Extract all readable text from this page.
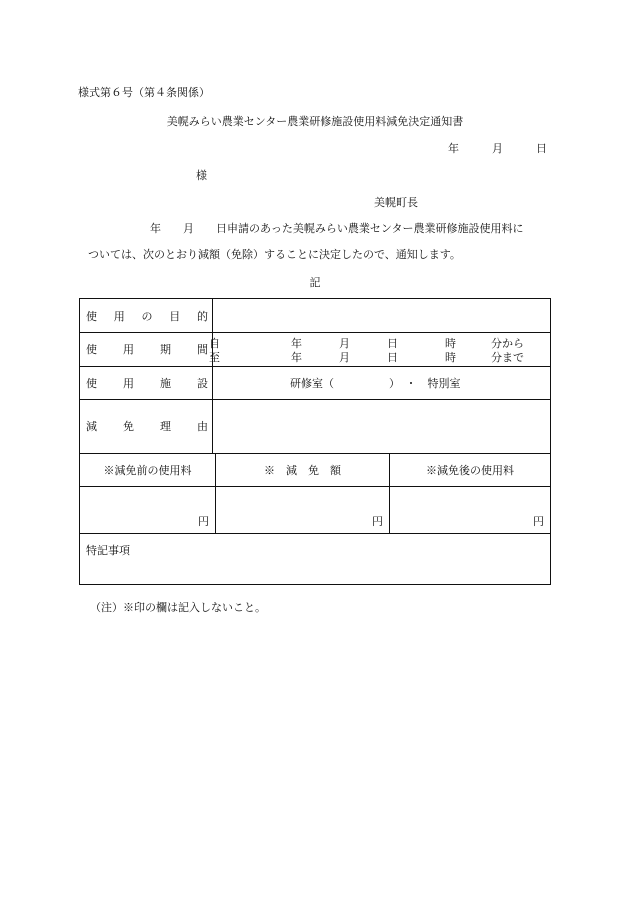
様式第６号（第４条関係）
美幌みらい農業センター農業研修施設使用料減免決定通知書
年	月	日
様
美幌町長
年　　月　　日申請のあった美幌みらい農業センター農業研修施設使用料に
ついては、次のとおり減額（免除）することに決定したので、通知します。
記
使 用 の 目 的
使 用 期 間 自	年	月	日	時	分から
至	年	月	日	時	分まで
使 用 施 設	研修室（　　　　　）　・　特別室
減 免 理 由
※減免前の使用料	※　減　免　額	※減免後の使用料
円	円	円
特記事項
（注）※印の欄は記入しないこと。
